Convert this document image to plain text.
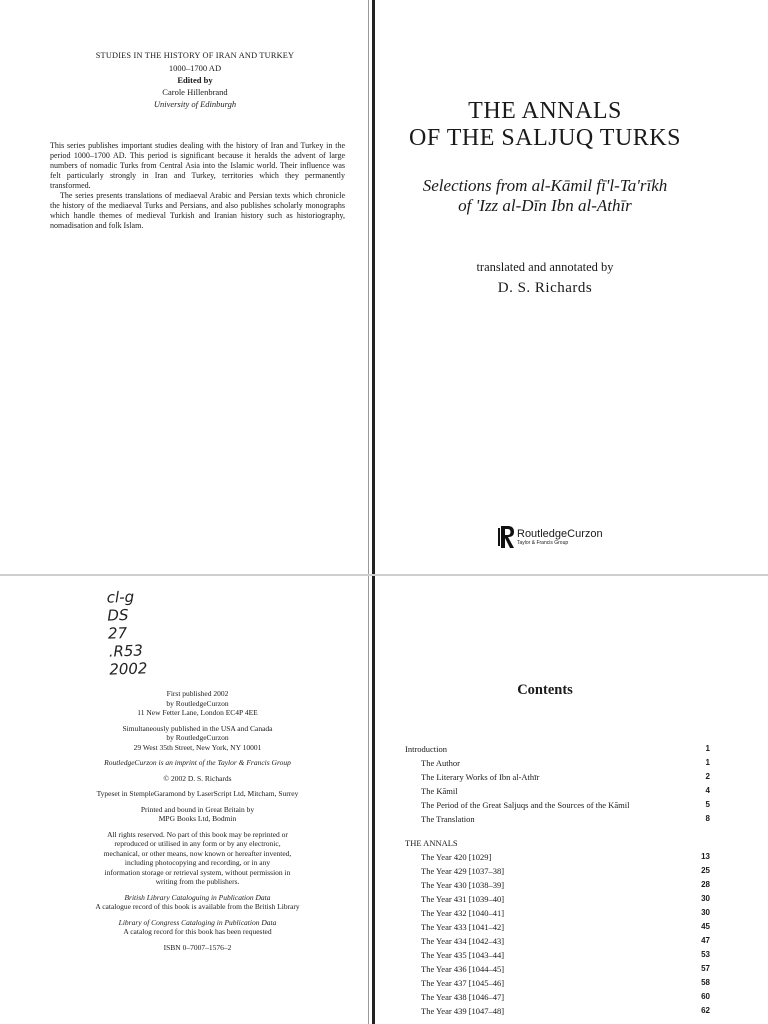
STUDIES IN THE HISTORY OF IRAN AND TURKEY
1000–1700 AD
Edited by
Carole Hillenbrand
University of Edinburgh

This series publishes important studies dealing with the history of Iran and Turkey in the period 1000–1700 AD. This period is significant because it heralds the advent of large numbers of nomadic Turks from Central Asia into the Islamic world. Their influence was felt particularly strongly in Iran and Turkey, territories which they permanently transformed.

The series presents translations of mediaeval Arabic and Persian texts which chronicle the history of the mediaeval Turks and Persians, and also publishes scholarly monographs which handle themes of medieval Turkish and Iranian history such as historiography, nomadisation and folk Islam.

THE ANNALS
OF THE SALJUQ TURKS
Selections from al-Kāmil fī'l-Ta'rīkh
of 'Izz al-Dīn Ibn al-Athīr
translated and annotated by
D. S. Richards
RoutledgeCurzon
Taylor & Francis Group
cl-g
DS
27
.R53
2002

First published 2002
by RoutledgeCurzon
11 New Fetter Lane, London EC4P 4EE

Simultaneously published in the USA and Canada
by RoutledgeCurzon
29 West 35th Street, New York, NY 10001

RoutledgeCurzon is an imprint of the Taylor & Francis Group

© 2002 D. S. Richards

Typeset in StempleGaramond by LaserScript Ltd, Mitcham, Surrey

Printed and bound in Great Britain by
MPG Books Ltd, Bodmin

All rights reserved. No part of this book may be reprinted or
reproduced or utilised in any form or by any electronic,
mechanical, or other means, now known or hereafter invented,
including photocopying and recording, or in any
information storage or retrieval system, without permission in
writing from the publishers.

British Library Cataloguing in Publication Data
A catalogue record of this book is available from the British Library

Library of Congress Cataloging in Publication Data
A catalog record for this book has been requested

ISBN 0–7007–1576–2

Contents
Introduction	1
The Author	1
The Literary Works of Ibn al-Athīr	2
The Kāmil	4
The Period of the Great Saljuqs and the Sources of the Kāmil	5
The Translation	8
THE ANNALS
The Year 420 [1029]	13
The Year 429 [1037–38]	25
The Year 430 [1038–39]	28
The Year 431 [1039–40]	30
The Year 432 [1040–41]	30
The Year 433 [1041–42]	45
The Year 434 [1042–43]	47
The Year 435 [1043–44]	53
The Year 436 [1044–45]	57
The Year 437 [1045–46]	58
The Year 438 [1046–47]	60
The Year 439 [1047–48]	62
